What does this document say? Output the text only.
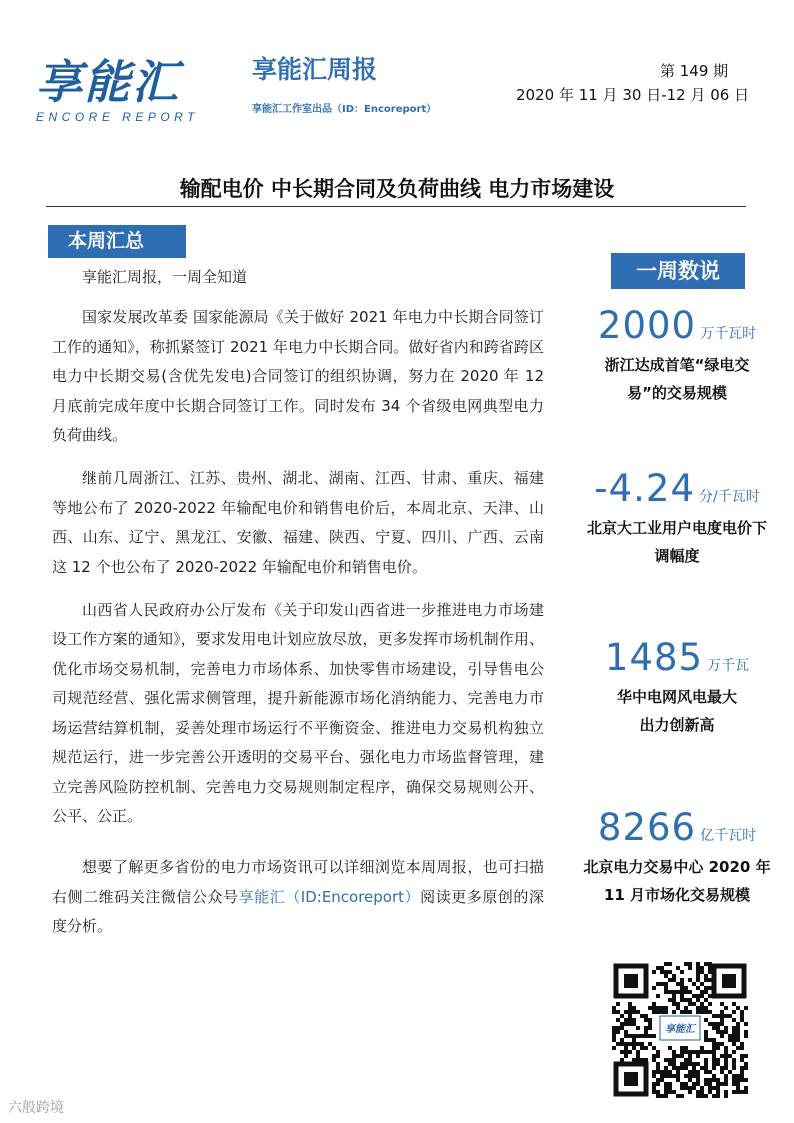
享能汇
ENCORE REPORT
享能汇周报
享能汇工作室出品（ID：Encoreport）
第 149 期
2020 年 11 月 30 日-12 月 06 日
输配电价 中长期合同及负荷曲线 电力市场建设
本周汇总

享能汇周报，一周全知道

国家发展改革委 国家能源局《关于做好 2021 年电力中长期合同签订工作的通知》，称抓紧签订 2021 年电力中长期合同。做好省内和跨省跨区电力中长期交易(含优先发电)合同签订的组织协调，努力在 2020 年 12 月底前完成年度中长期合同签订工作。同时发布 34 个省级电网典型电力负荷曲线。

继前几周浙江、江苏、贵州、湖北、湖南、江西、甘肃、重庆、福建等地公布了 2020-2022 年输配电价和销售电价后，本周北京、天津、山西、山东、辽宁、黑龙江、安徽、福建、陕西、宁夏、四川、广西、云南这 12 个也公布了 2020-2022 年输配电价和销售电价。

山西省人民政府办公厅发布《关于印发山西省进一步推进电力市场建设工作方案的通知》，要求发用电计划应放尽放，更多发挥市场机制作用、优化市场交易机制，完善电力市场体系、加快零售市场建设，引导售电公司规范经营、强化需求侧管理，提升新能源市场化消纳能力、完善电力市场运营结算机制，妥善处理市场运行不平衡资金、推进电力交易机构独立规范运行，进一步完善公开透明的交易平台、强化电力市场监督管理，建立完善风险防控机制、完善电力交易规则制定程序，确保交易规则公开、公平、公正。

想要了解更多省份的电力市场资讯可以详细浏览本周周报，也可扫描右侧二维码关注微信公众号享能汇（ID:Encoreport）阅读更多原创的深度分析。

一周数说
2000 万千瓦时
浙江达成首笔“绿电交
易”的交易规模
-4.24 分/千瓦时
北京大工业用户电度电价下
调幅度
1485 万千瓦
华中电网风电最大
出力创新高
8266 亿千瓦时
北京电力交易中心 2020 年
11 月市场化交易规模
享能汇
六般跨境
